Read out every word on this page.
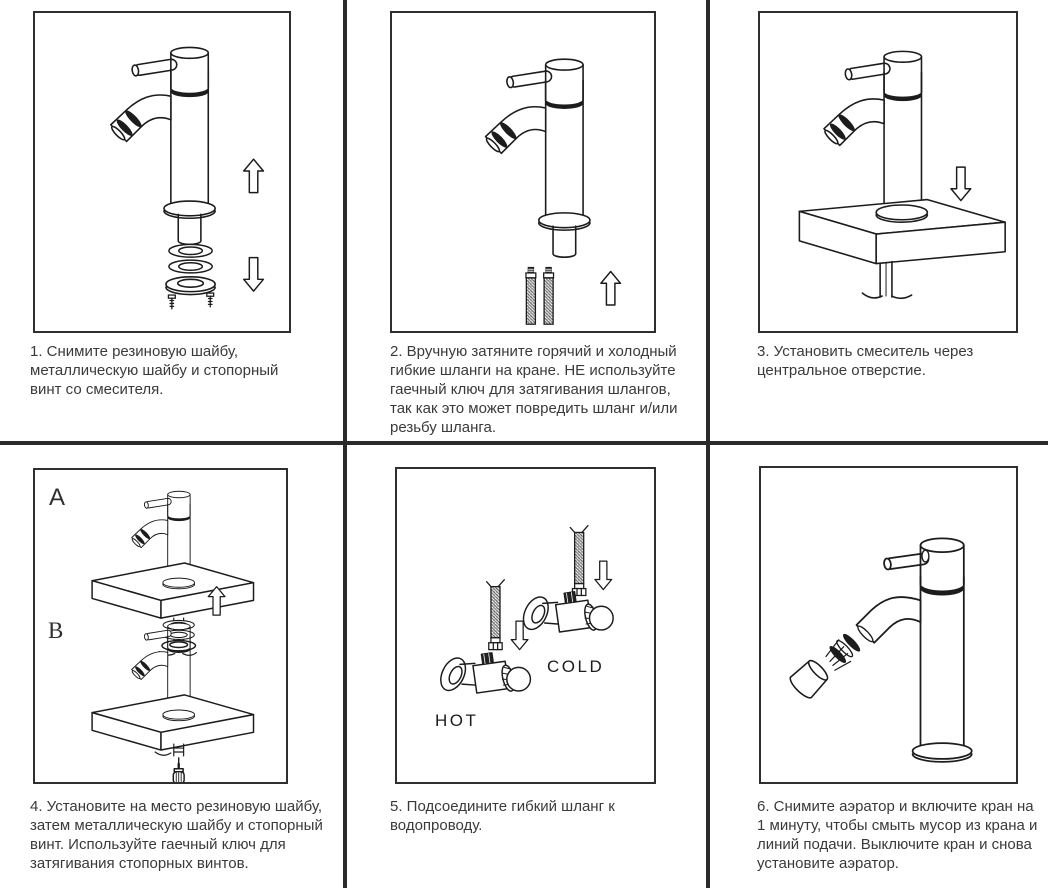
1. Снимите резиновую шайбу, металлическую шайбу и стопорный винт со смесителя.

2. Вручную затяните горячий и холодный гибкие шланги на кране. НЕ используйте гаечный ключ для затягивания шлангов, так как это может повредить шланг и/или резьбу шланга.

3. Установить смеситель через центральное отверстие.

A
B

4. Установите на место резиновую шайбу, затем металлическую шайбу и стопорный винт. Используйте гаечный ключ для затягивания стопорных винтов.

COLD
HOT

5. Подсоедините гибкий шланг к водопроводу.

6. Снимите аэратор и включите кран на 1 минуту, чтобы смыть мусор из крана и линий подачи. Выключите кран и снова установите аэратор.
